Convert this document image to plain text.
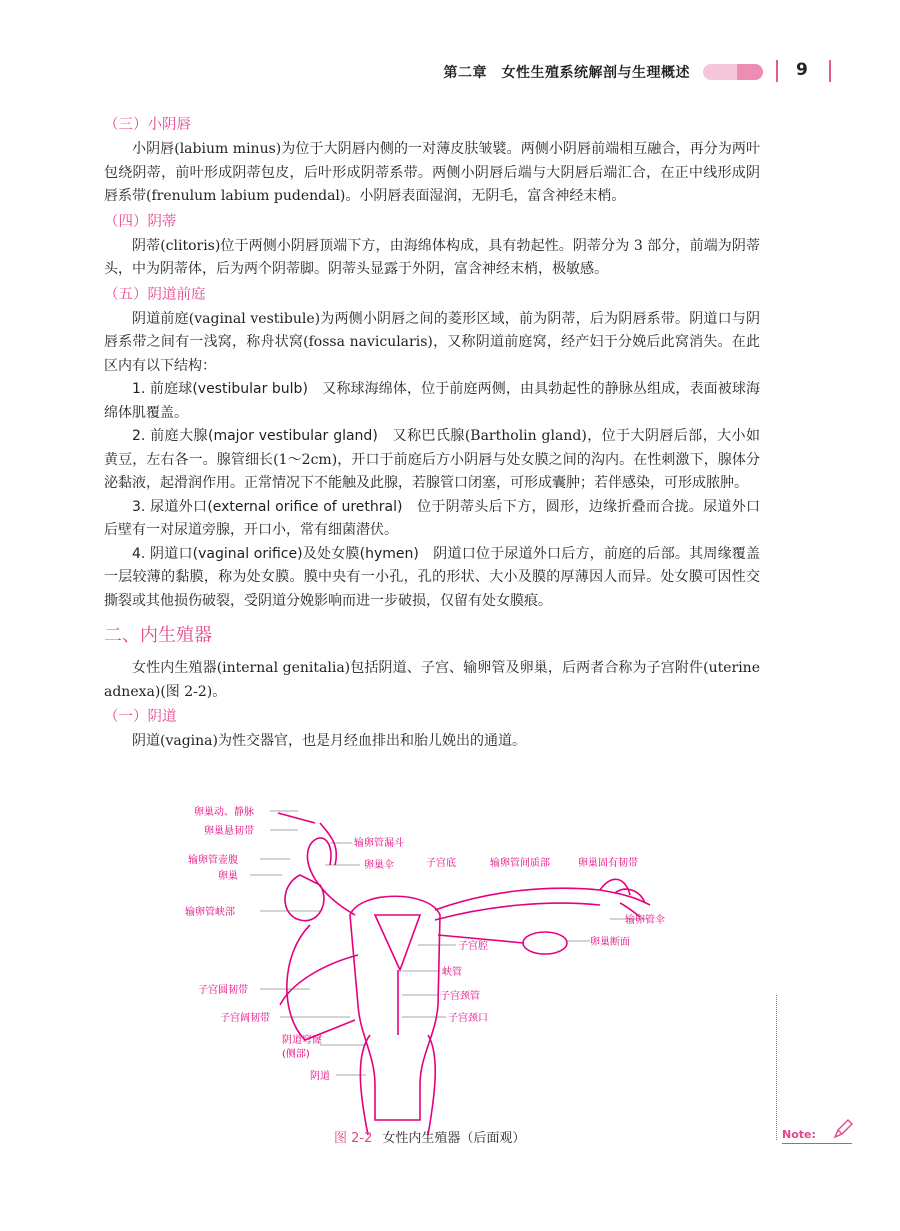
第二章　女性生殖系统解剖与生理概述	9
（三）小阴唇

小阴唇(labium minus)为位于大阴唇内侧的一对薄皮肤皱襞。两侧小阴唇前端相互融合，再分为两叶包绕阴蒂，前叶形成阴蒂包皮，后叶形成阴蒂系带。两侧小阴唇后端与大阴唇后端汇合，在正中线形成阴唇系带(frenulum labium pudendal)。小阴唇表面湿润，无阴毛，富含神经末梢。

（四）阴蒂

阴蒂(clitoris)位于两侧小阴唇顶端下方，由海绵体构成，具有勃起性。阴蒂分为 3 部分，前端为阴蒂头，中为阴蒂体，后为两个阴蒂脚。阴蒂头显露于外阴，富含神经末梢，极敏感。

（五）阴道前庭

阴道前庭(vaginal vestibule)为两侧小阴唇之间的菱形区域，前为阴蒂，后为阴唇系带。阴道口与阴唇系带之间有一浅窝，称舟状窝(fossa navicularis)，又称阴道前庭窝，经产妇于分娩后此窝消失。在此区内有以下结构：

1. 前庭球(vestibular bulb)　 又称球海绵体，位于前庭两侧，由具勃起性的静脉丛组成，表面被球海绵体肌覆盖。

2. 前庭大腺(major vestibular gland)　 又称巴氏腺(Bartholin gland)，位于大阴唇后部，大小如黄豆，左右各一。腺管细长(1～2cm)，开口于前庭后方小阴唇与处女膜之间的沟内。在性刺激下，腺体分泌黏液，起滑润作用。正常情况下不能触及此腺，若腺管口闭塞，可形成囊肿；若伴感染，可形成脓肿。

3. 尿道外口(external orifice of urethral)　 位于阴蒂头后下方，圆形，边缘折叠而合拢。尿道外口后壁有一对尿道旁腺，开口小，常有细菌潜伏。

4. 阴道口(vaginal orifice)及处女膜(hymen)　 阴道口位于尿道外口后方，前庭的后部。其周缘覆盖一层较薄的黏膜，称为处女膜。膜中央有一小孔，孔的形状、大小及膜的厚薄因人而异。处女膜可因性交撕裂或其他损伤破裂，受阴道分娩影响而进一步破损，仅留有处女膜痕。

二、内生殖器

女性内生殖器(internal genitalia)包括阴道、子宫、输卵管及卵巢，后两者合称为子宫附件(uterine adnexa)(图 2-2)。

（一）阴道

阴道(vagina)为性交器官，也是月经血排出和胎儿娩出的通道。

卵巢动、静脉
卵巢悬韧带
输卵管漏斗
输卵管壶腹	卵巢伞
卵巢
子宫底	输卵管间质部	卵巢固有韧带
输卵管峡部
输卵管伞
子宫腔	卵巢断面
峡管
子宫圆韧带
子宫颈管
子宫阔韧带	子宫颈口
阴道穹窿
(侧部)
阴道
图 2-2 女性内生殖器（后面观）	Note:
